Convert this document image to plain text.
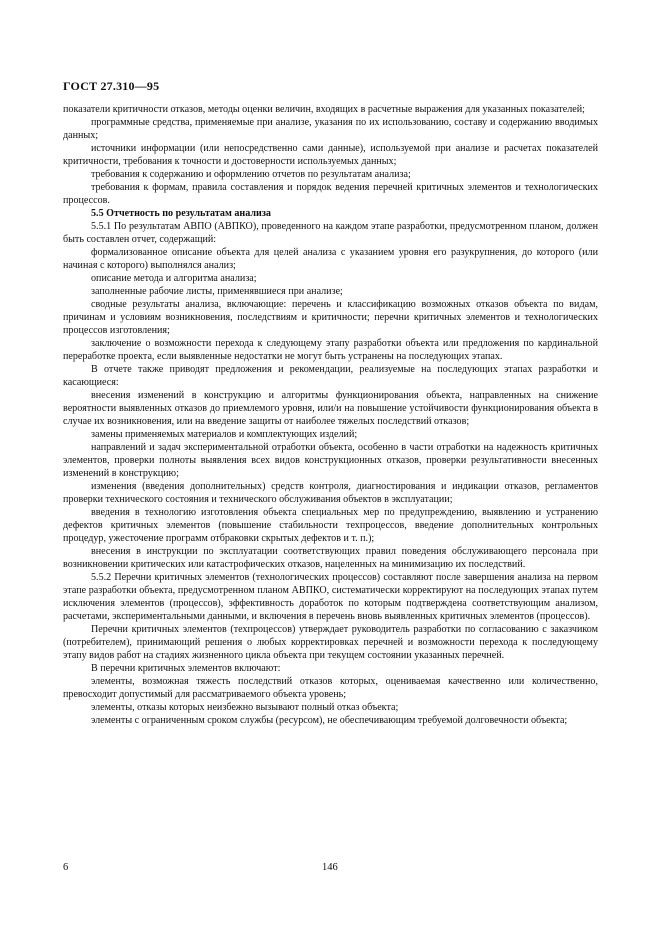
ГОСТ 27.310—95

показатели критичности отказов, методы оценки величин, входящих в расчетные выражения для указанных показателей;

программные средства, применяемые при анализе, указания по их использованию, составу и содержанию вводимых данных;

источники информации (или непосредственно сами данные), используемой при анализе и расчетах показателей критичности, требования к точности и достоверности используемых данных;

требования к содержанию и оформлению отчетов по результатам анализа;

требования к формам, правила составления и порядок ведения перечней критичных элементов и технологических процессов.

5.5 Отчетность по результатам анализа

5.5.1 По результатам АВПО (АВПКО), проведенного на каждом этапе разработки, предусмотренном планом, должен быть составлен отчет, содержащий:

формализованное описание объекта для целей анализа с указанием уровня его разукрупнения, до которого (или начиная с которого) выполнялся анализ;

описание метода и алгоритма анализа;

заполненные рабочие листы, применявшиеся при анализе;

сводные результаты анализа, включающие: перечень и классификацию возможных отказов объекта по видам, причинам и условиям возникновения, последствиям и критичности; перечни критичных элементов и технологических процессов изготовления;

заключение о возможности перехода к следующему этапу разработки объекта или предложения по кардинальной переработке проекта, если выявленные недостатки не могут быть устранены на последующих этапах.

В отчете также приводят предложения и рекомендации, реализуемые на последующих этапах разработки и касающиеся:

внесения изменений в конструкцию и алгоритмы функционирования объекта, направленных на снижение вероятности выявленных отказов до приемлемого уровня, или/и на повышение устойчивости функционирования объекта в случае их возникновения, или на введение защиты от наиболее тяжелых последствий отказов;

замены применяемых материалов и комплектующих изделий;

направлений и задач экспериментальной отработки объекта, особенно в части отработки на надежность критичных элементов, проверки полноты выявления всех видов конструкционных отказов, проверки результативности внесенных изменений в конструкцию;

изменения (введения дополнительных) средств контроля, диагностирования и индикации отказов, регламентов проверки технического состояния и технического обслуживания объектов в эксплуатации;

введения в технологию изготовления объекта специальных мер по предупреждению, выявлению и устранению дефектов критичных элементов (повышение стабильности техпроцессов, введение дополнительных контрольных процедур, ужесточение программ отбраковки скрытых дефектов и т. п.);

внесения в инструкции по эксплуатации соответствующих правил поведения обслуживающего персонала при возникновении критических или катастрофических отказов, нацеленных на минимизацию их последствий.

5.5.2 Перечни критичных элементов (технологических процессов) составляют после завершения анализа на первом этапе разработки объекта, предусмотренном планом АВПКО, систематически корректируют на последующих этапах путем исключения элементов (процессов), эффективность доработок по которым подтверждена соответствующим анализом, расчетами, экспериментальными данными, и включения в перечень вновь выявленных критичных элементов (процессов).

Перечни критичных элементов (техпроцессов) утверждает руководитель разработки по согласованию с заказчиком (потребителем), принимающий решения о любых корректировках перечней и возможности перехода к последующему этапу видов работ на стадиях жизненного цикла объекта при текущем состоянии указанных перечней.

В перечни критичных элементов включают:

элементы, возможная тяжесть последствий отказов которых, оцениваемая качественно или количественно, превосходит допустимый для рассматриваемого объекта уровень;

элементы, отказы которых неизбежно вызывают полный отказ объекта;

элементы с ограниченным сроком службы (ресурсом), не обеспечивающим требуемой долговечности объекта;

6	146
